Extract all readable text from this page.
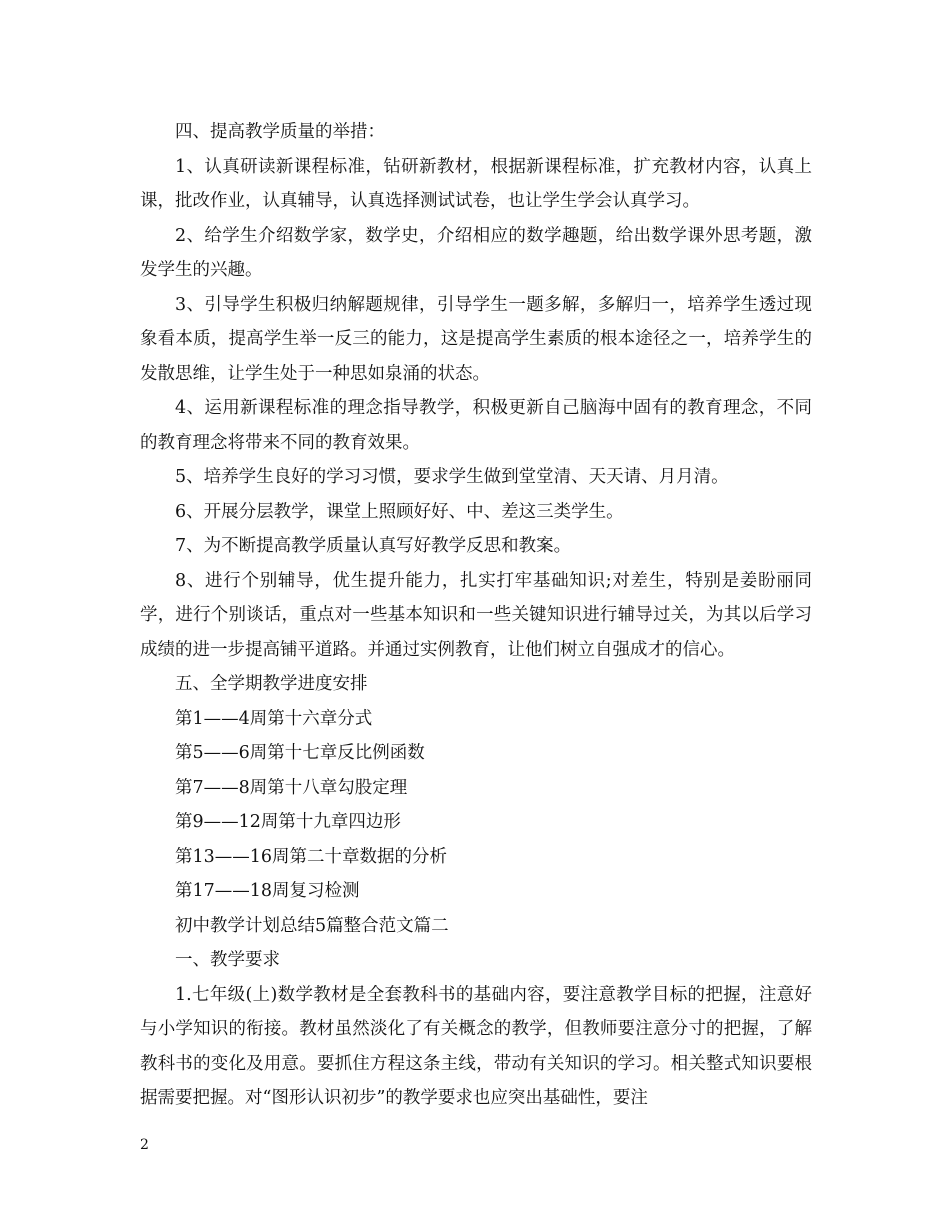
四、提高教学质量的举措：

1、认真研读新课程标准，钻研新教材，根据新课程标准，扩充教材内容，认真上课，批改作业，认真辅导，认真选择测试试卷，也让学生学会认真学习。

2、给学生介绍数学家，数学史，介绍相应的数学趣题，给出数学课外思考题，激发学生的兴趣。

3、引导学生积极归纳解题规律，引导学生一题多解，多解归一，培养学生透过现象看本质，提高学生举一反三的能力，这是提高学生素质的根本途径之一，培养学生的发散思维，让学生处于一种思如泉涌的状态。

4、运用新课程标准的理念指导教学，积极更新自己脑海中固有的教育理念，不同的教育理念将带来不同的教育效果。

5、培养学生良好的学习习惯，要求学生做到堂堂清、天天请、月月清。

6、开展分层教学，课堂上照顾好好、中、差这三类学生。

7、为不断提高教学质量认真写好教学反思和教案。

8、进行个别辅导，优生提升能力，扎实打牢基础知识;对差生，特别是姜盼丽同学，进行个别谈话，重点对一些基本知识和一些关键知识进行辅导过关，为其以后学习成绩的进一步提高铺平道路。并通过实例教育，让他们树立自强成才的信心。

五、全学期教学进度安排

第1——4周第十六章分式

第5——6周第十七章反比例函数

第7——8周第十八章勾股定理

第9——12周第十九章四边形

第13——16周第二十章数据的分析

第17——18周复习检测

初中教学计划总结5篇整合范文篇二

一、教学要求

1.七年级(上)数学教材是全套教科书的基础内容，要注意教学目标的把握，注意好与小学知识的衔接。教材虽然淡化了有关概念的教学，但教师要注意分寸的把握，了解教科书的变化及用意。要抓住方程这条主线，带动有关知识的学习。相关整式知识要根据需要把握。对“图形认识初步”的教学要求也应突出基础性，要注

2
